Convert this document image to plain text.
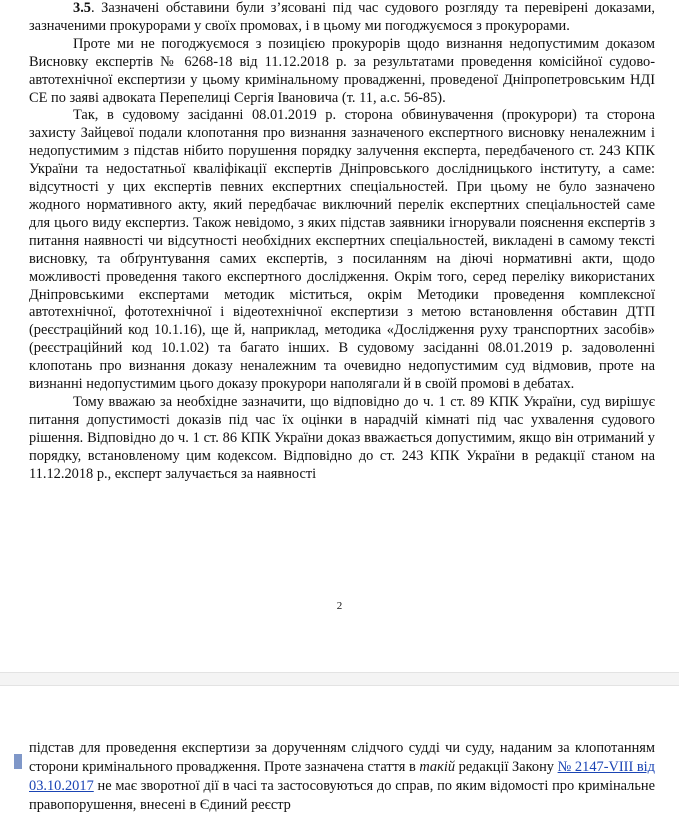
3.5. Зазначені обставини були з’ясовані під час судового розгляду та перевірені доказами, зазначеними прокурорами у своїх промовах, і в цьому ми погоджуємося з прокурорами.

Проте ми не погоджуємося з позицією прокурорів щодо визнання недопустимим доказом Висновку експертів № 6268-18 від 11.12.2018 р. за результатами проведення комісійної судово-автотехнічної експертизи у цьому кримінальному провадженні, проведеної Дніпропетровським НДІ СЕ по заяві адвоката Перепелиці Сергія Івановича (т. 11, а.с. 56-85).

Так, в судовому засіданні 08.01.2019 р. сторона обвинувачення (прокурори) та сторона захисту Зайцевої подали клопотання про визнання зазначеного експертного висновку неналежним і недопустимим з підстав нібито порушення порядку залучення експерта, передбаченого ст. 243 КПК України та недостатньої кваліфікації експертів Дніпровського дослідницького інституту, а саме: відсутності у цих експертів певних експертних спеціальностей. При цьому не було зазначено жодного нормативного акту, який передбачає виключний перелік експертних спеціальностей саме для цього виду експертиз. Також невідомо, з яких підстав заявники ігнорували пояснення експертів з питання наявності чи відсутності необхідних експертних спеціальностей, викладені в самому тексті висновку, та обґрунтування самих експертів, з посиланням на діючі нормативні акти, щодо можливості проведення такого експертного дослідження. Окрім того, серед переліку використаних Дніпровськими експертами методик міститься, окрім Методики проведення комплексної автотехнічної, фототехнічної і відеотехнічної експертизи з метою встановлення обставин ДТП (реєстраційний код 10.1.16), ще й, наприклад, методика «Дослідження руху транспортних засобів» (реєстраційний код 10.1.02) та багато інших. В судовому засіданні 08.01.2019 р. задоволенні клопотань про визнання доказу неналежним та очевидно недопустимим суд відмовив, проте на визнанні недопустимим цього доказу прокурори наполягали й в своїй промові в дебатах.

Тому вважаю за необхідне зазначити, що відповідно до ч. 1 ст. 89 КПК України, суд вирішує питання допустимості доказів під час їх оцінки в нарадчій кімнаті під час ухвалення судового рішення. Відповідно до ч. 1 ст. 86 КПК України доказ вважається допустимим, якщо він отриманий у порядку, встановленому цим кодексом. Відповідно до ст. 243 КПК України в редакції станом на 11.12.2018 р., експерт залучається за наявності

2

підстав для проведення експертизи за дорученням слідчого судді чи суду, наданим за клопотанням сторони кримінального провадження. Проте зазначена стаття в такій редакції Закону № 2147-VIII від 03.10.2017 не має зворотної дії в часі та застосовуються до справ, по яким відомості про кримінальне правопорушення, внесені в Єдиний реєстр
